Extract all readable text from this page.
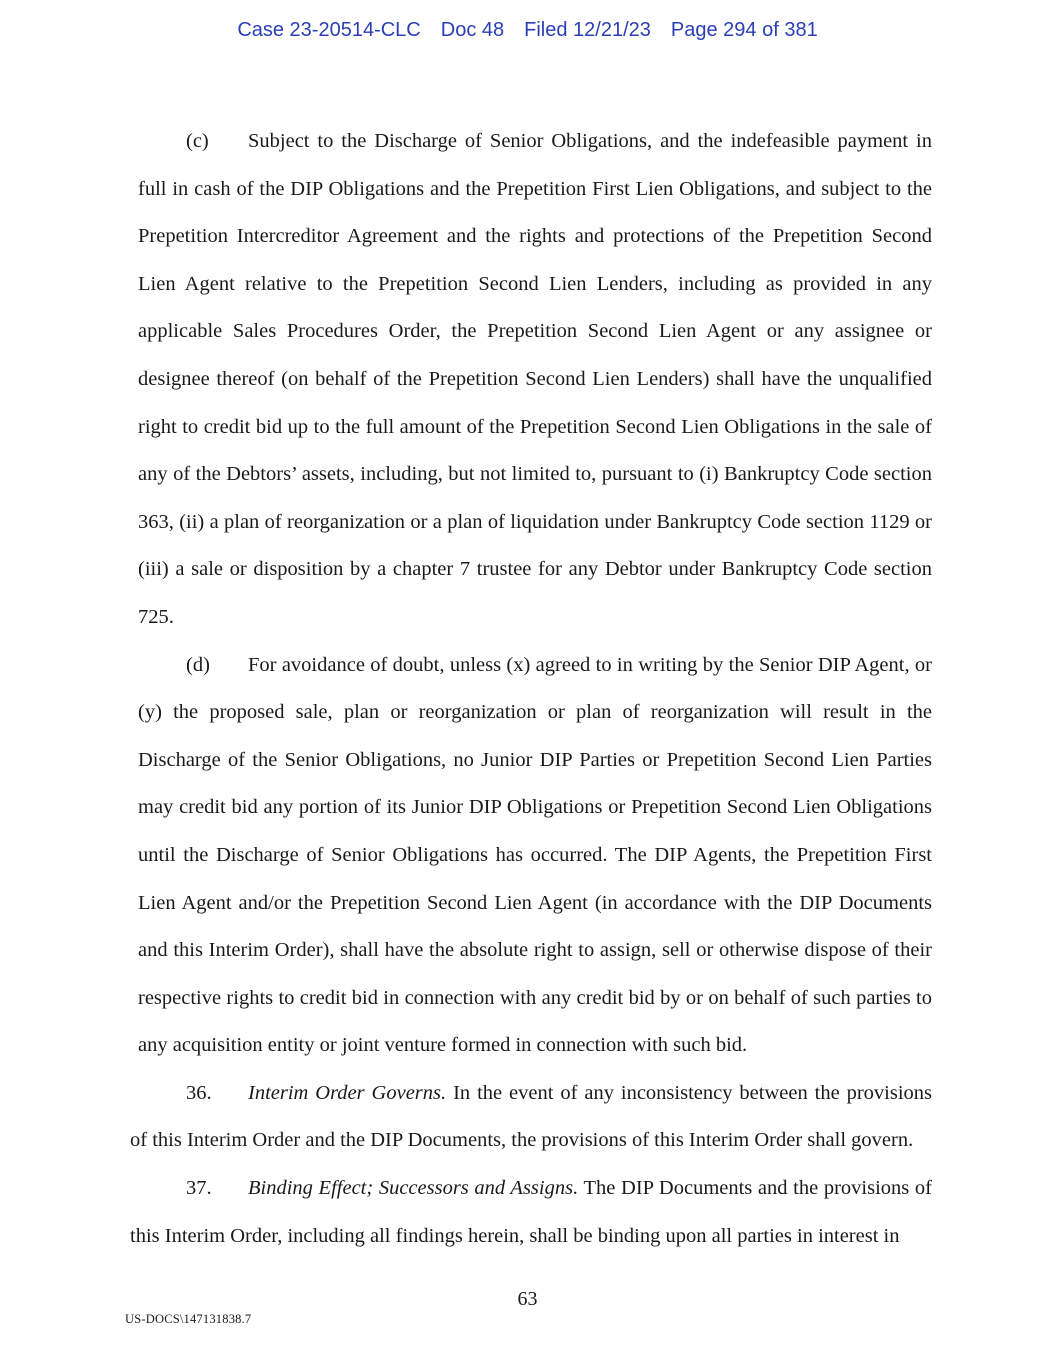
Case 23-20514-CLC Doc 48 Filed 12/21/23 Page 294 of 381

(c) Subject to the Discharge of Senior Obligations, and the indefeasible payment in full in cash of the DIP Obligations and the Prepetition First Lien Obligations, and subject to the Prepetition Intercreditor Agreement and the rights and protections of the Prepetition Second Lien Agent relative to the Prepetition Second Lien Lenders, including as provided in any applicable Sales Procedures Order, the Prepetition Second Lien Agent or any assignee or designee thereof (on behalf of the Prepetition Second Lien Lenders) shall have the unqualified right to credit bid up to the full amount of the Prepetition Second Lien Obligations in the sale of any of the Debtors’ assets, including, but not limited to, pursuant to (i) Bankruptcy Code section 363, (ii) a plan of reorganization or a plan of liquidation under Bankruptcy Code section 1129 or (iii) a sale or disposition by a chapter 7 trustee for any Debtor under Bankruptcy Code section 725.

(d) For avoidance of doubt, unless (x) agreed to in writing by the Senior DIP Agent, or (y) the proposed sale, plan or reorganization or plan of reorganization will result in the Discharge of the Senior Obligations, no Junior DIP Parties or Prepetition Second Lien Parties may credit bid any portion of its Junior DIP Obligations or Prepetition Second Lien Obligations until the Discharge of Senior Obligations has occurred. The DIP Agents, the Prepetition First Lien Agent and/or the Prepetition Second Lien Agent (in accordance with the DIP Documents and this Interim Order), shall have the absolute right to assign, sell or otherwise dispose of their respective rights to credit bid in connection with any credit bid by or on behalf of such parties to any acquisition entity or joint venture formed in connection with such bid.

36. Interim Order Governs. In the event of any inconsistency between the provisions of this Interim Order and the DIP Documents, the provisions of this Interim Order shall govern.

37. Binding Effect; Successors and Assigns. The DIP Documents and the provisions of this Interim Order, including all findings herein, shall be binding upon all parties in interest in

63
US-DOCS\147131838.7
